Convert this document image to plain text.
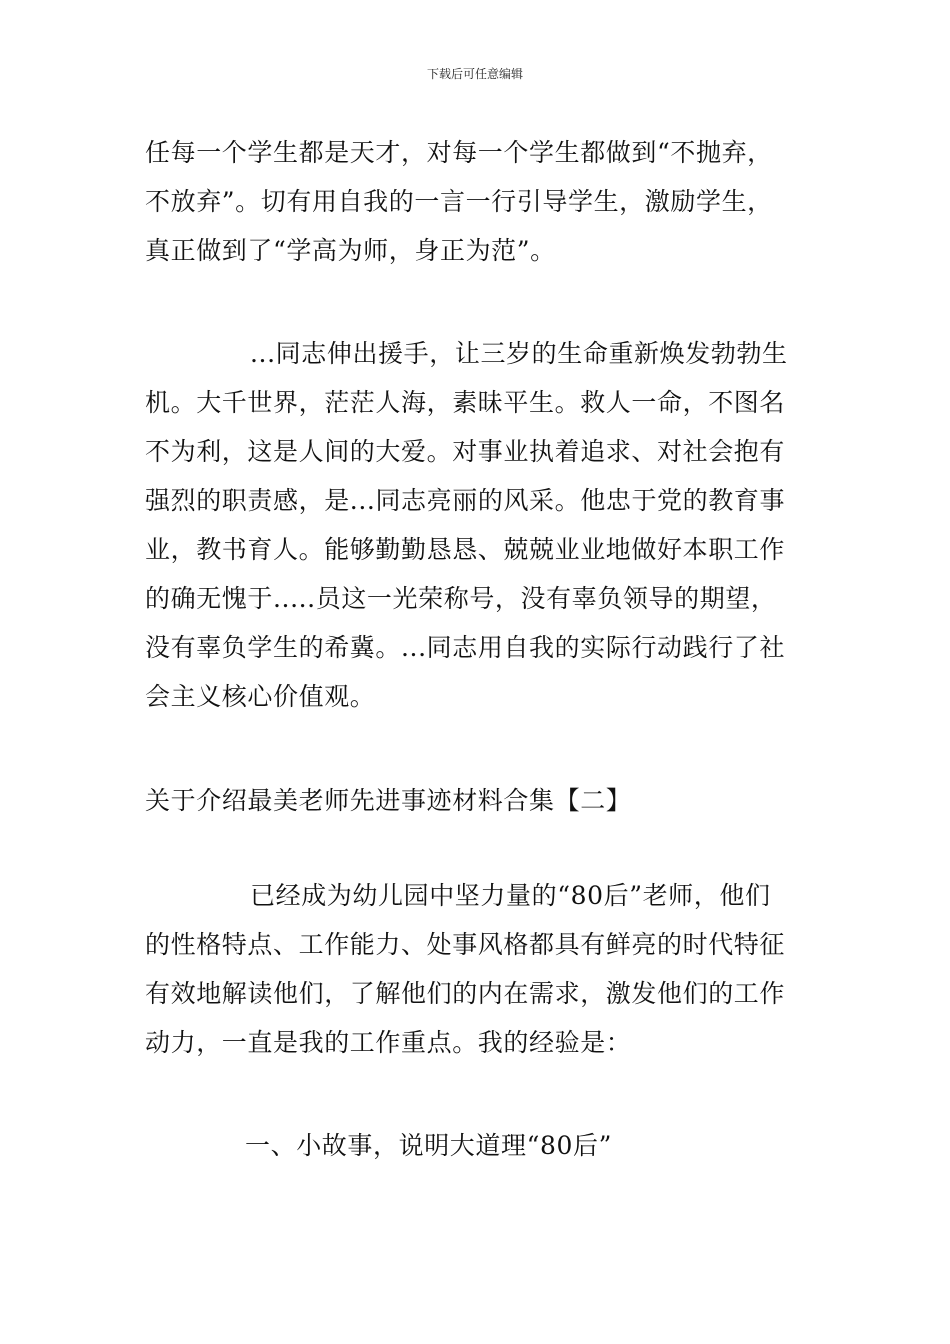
下载后可任意编辑

任每一个学生都是天才，对每一个学生都做到“不抛弃，
不放弃”。切有用自我的一言一行引导学生，激励学生，
真正做到了“学高为师，身正为范”。

...同志伸出援手，让三岁的生命重新焕发勃勃生
机。大千世界，茫茫人海，素昧平生。救人一命，不图名
不为利，这是人间的大爱。对事业执着追求、对社会抱有
强烈的职责感，是...同志亮丽的风采。他忠于党的教育事
业，教书育人。能够勤勤恳恳、兢兢业业地做好本职工作
的确无愧于.....员这一光荣称号，没有辜负领导的期望，
没有辜负学生的希冀。...同志用自我的实际行动践行了社
会主义核心价值观。

关于介绍最美老师先进事迹材料合集【二】

已经成为幼儿园中坚力量的“80后”老师，他们
的性格特点、工作能力、处事风格都具有鲜亮的时代特征
有效地解读他们，了解他们的内在需求，激发他们的工作
动力，一直是我的工作重点。我的经验是：

一、小故事，说明大道理“80后”
